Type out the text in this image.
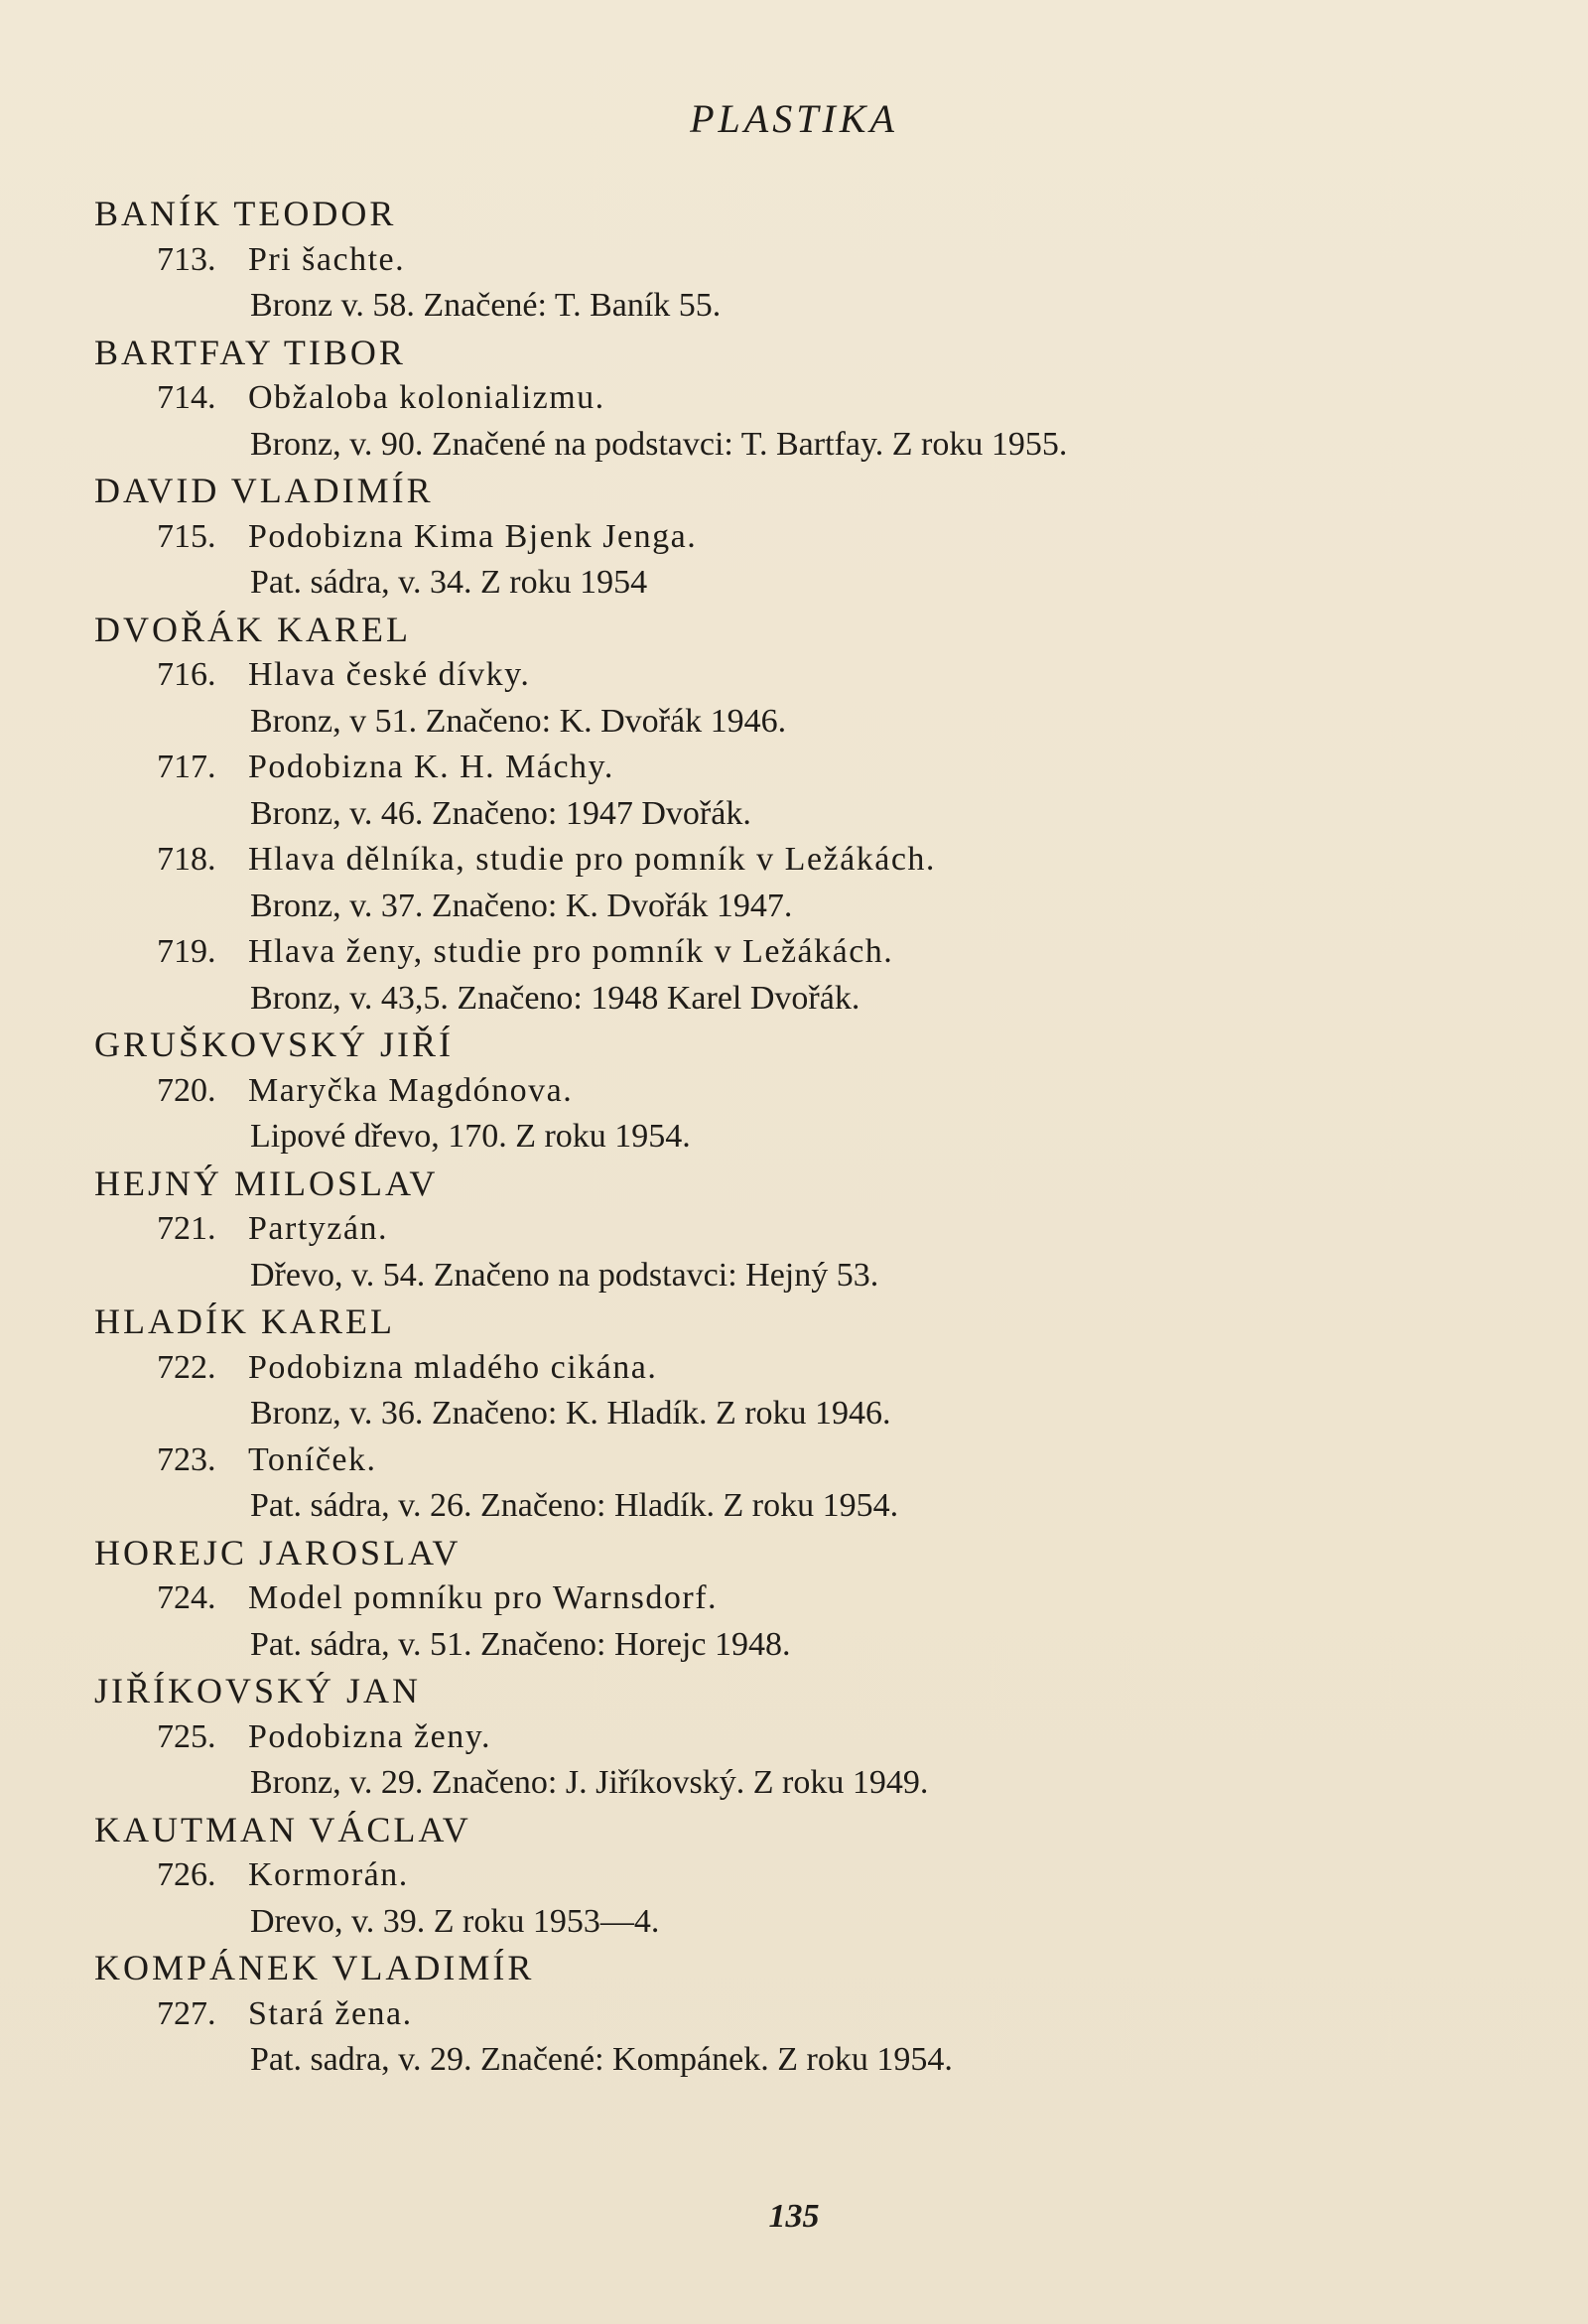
PLASTIKA
BANÍK TEODOR
713. Pri šachte.
Bronz v. 58. Značené: T. Baník 55.
BARTFAY TIBOR
714. Obžaloba kolonializmu.
Bronz, v. 90. Značené na podstavci: T. Bartfay. Z roku 1955.
DAVID VLADIMÍR
715. Podobizna Kima Bjenk Jenga.
Pat. sádra, v. 34. Z roku 1954
DVOŘÁK KAREL
716. Hlava české dívky.
Bronz, v 51. Značeno: K. Dvořák 1946.
717. Podobizna K. H. Máchy.
Bronz, v. 46. Značeno: 1947 Dvořák.
718. Hlava dělníka, studie pro pomník v Ležákách.
Bronz, v. 37. Značeno: K. Dvořák 1947.
719. Hlava ženy, studie pro pomník v Ležákách.
Bronz, v. 43,5. Značeno: 1948 Karel Dvořák.
GRUŠKOVSKÝ JIŘÍ
720. Maryčka Magdónova.
Lipové dřevo, 170. Z roku 1954.
HEJNÝ MILOSLAV
721. Partyzán.
Dřevo, v. 54. Značeno na podstavci: Hejný 53.
HLADÍK KAREL
722. Podobizna mladého cikána.
Bronz, v. 36. Značeno: K. Hladík. Z roku 1946.
723. Toníček.
Pat. sádra, v. 26. Značeno: Hladík. Z roku 1954.
HOREJC JAROSLAV
724. Model pomníku pro Warnsdorf.
Pat. sádra, v. 51. Značeno: Horejc 1948.
JIŘÍKOVSKÝ JAN
725. Podobizna ženy.
Bronz, v. 29. Značeno: J. Jiříkovský. Z roku 1949.
KAUTMAN VÁCLAV
726. Kormorán.
Drevo, v. 39. Z roku 1953—4.
KOMPÁNEK VLADIMÍR
727. Stará žena.
Pat. sadra, v. 29. Značené: Kompánek. Z roku 1954.
135
